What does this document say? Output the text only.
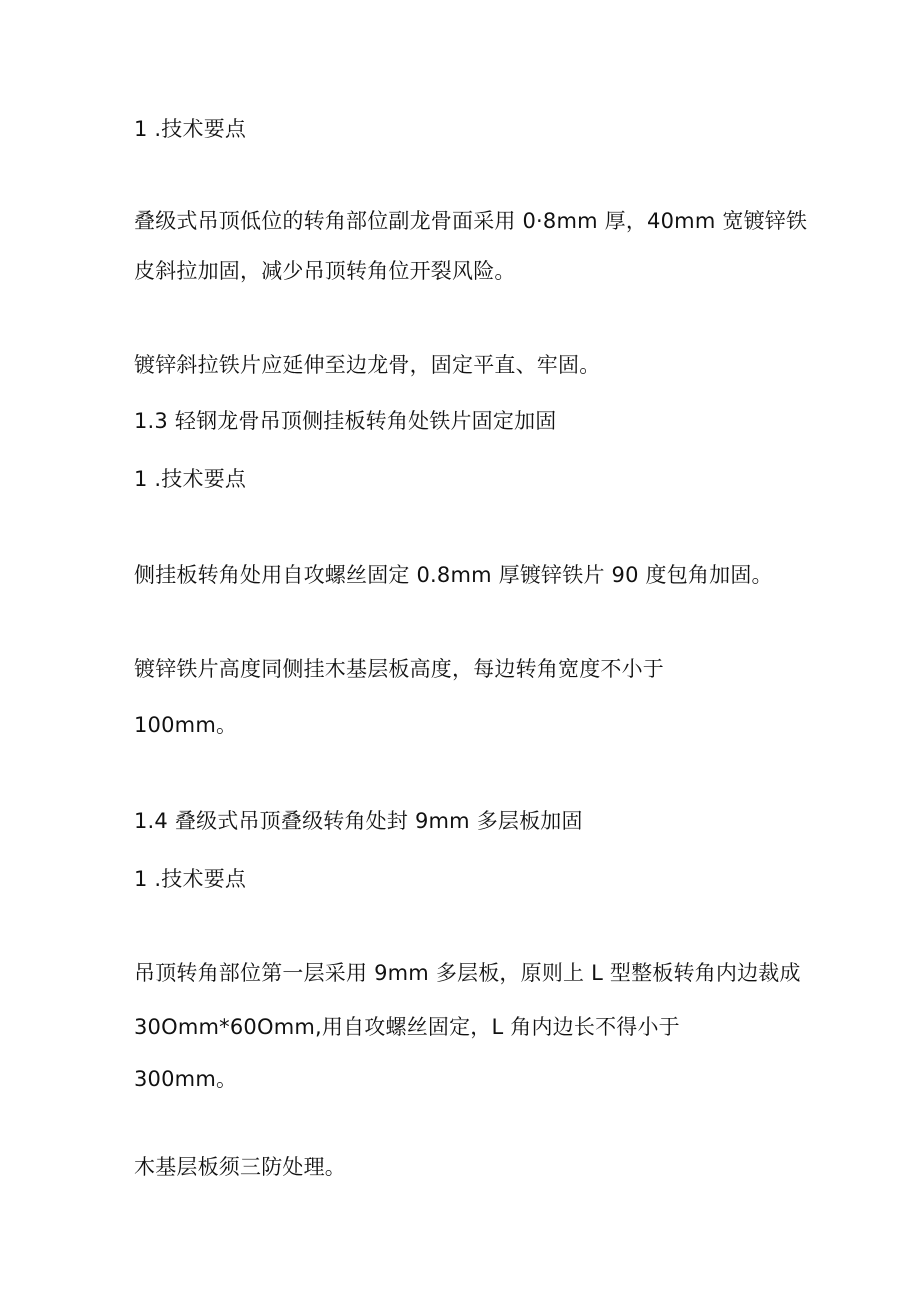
1 .技术要点
叠级式吊顶低位的转角部位副龙骨面采用 0·8mm 厚，40mm 宽镀锌铁
皮斜拉加固，减少吊顶转角位开裂风险。
镀锌斜拉铁片应延伸至边龙骨，固定平直、牢固。
1.3 轻钢龙骨吊顶侧挂板转角处铁片固定加固
1 .技术要点
侧挂板转角处用自攻螺丝固定 0.8mm 厚镀锌铁片 90 度包角加固。
镀锌铁片高度同侧挂木基层板高度，每边转角宽度不小于
100mm。
1.4 叠级式吊顶叠级转角处封 9mm 多层板加固
1 .技术要点
吊顶转角部位第一层采用 9mm 多层板，原则上 L 型整板转角内边裁成
30Omm*60Omm,用自攻螺丝固定，L 角内边长不得小于
300mm。
木基层板须三防处理。
